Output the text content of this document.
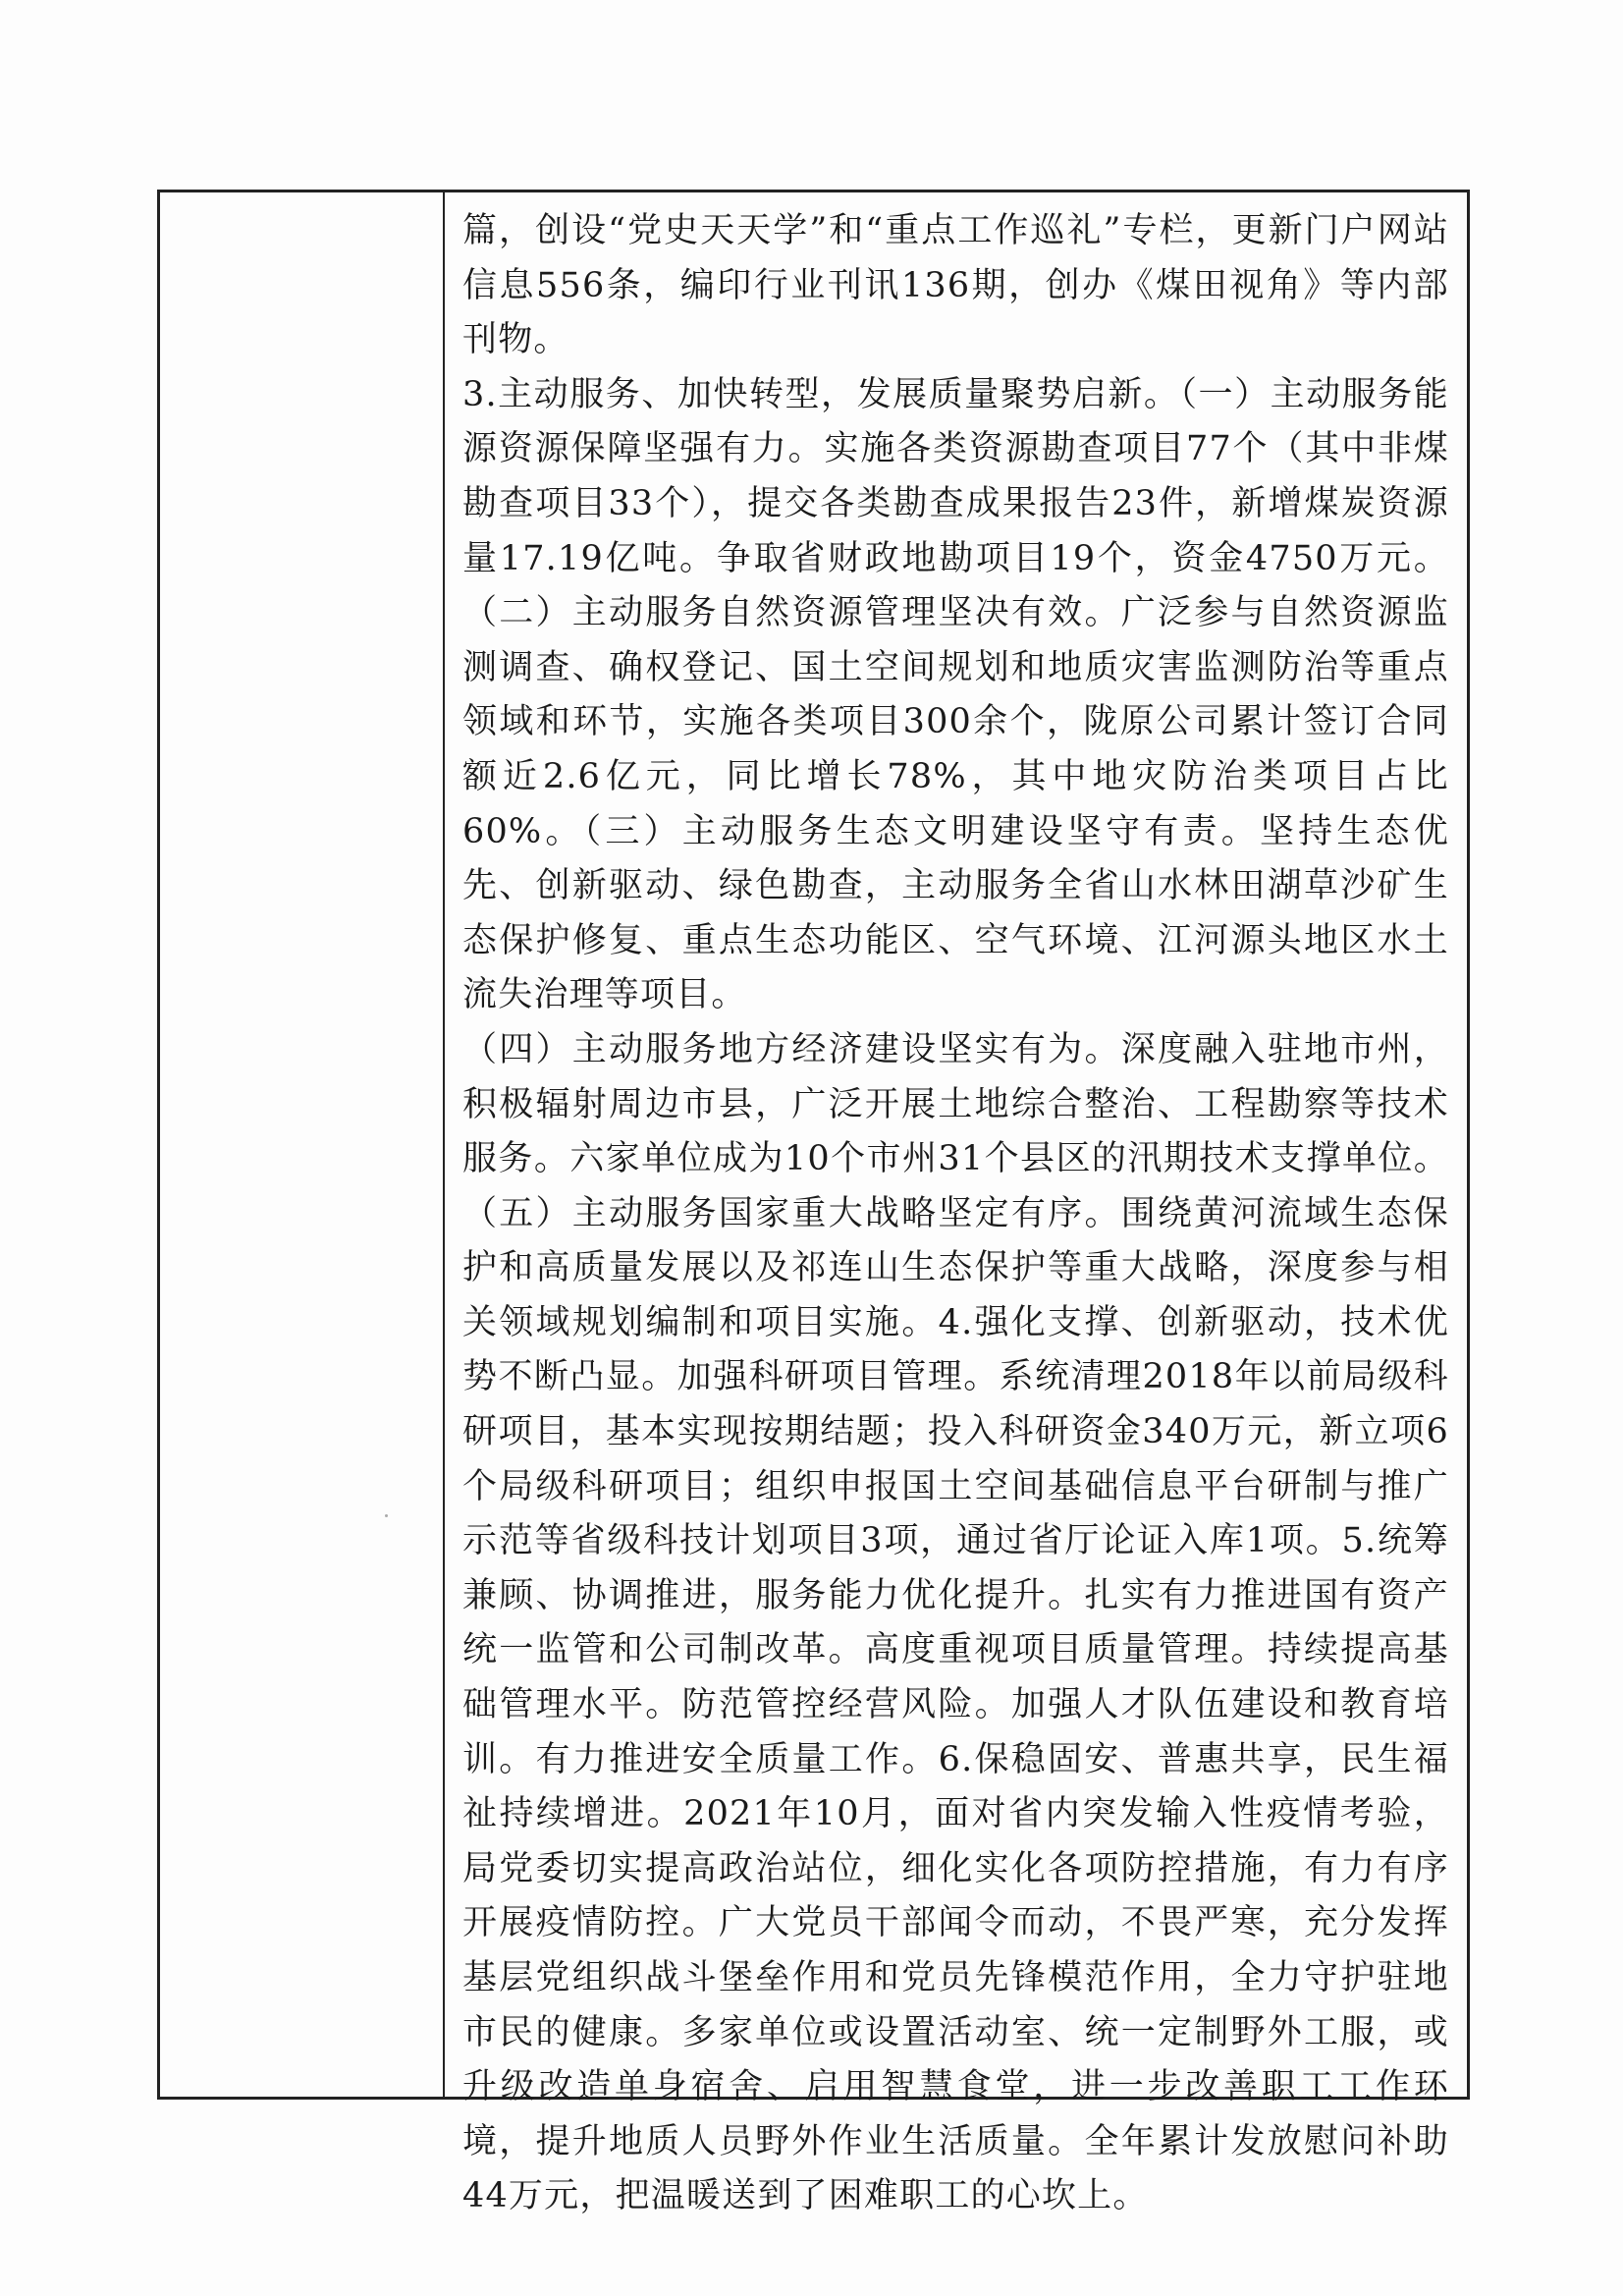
篇，创设“党史天天学”和“重点工作巡礼”专栏，更新门户网站信息556条，编印行业刊讯136期，创办《煤田视角》等内部刊物。

3.主动服务、加快转型，发展质量聚势启新。（一）主动服务能源资源保障坚强有力。实施各类资源勘查项目77个（其中非煤勘查项目33个），提交各类勘查成果报告23件，新增煤炭资源量17.19亿吨。争取省财政地勘项目19个，资金4750万元。（二）主动服务自然资源管理坚决有效。广泛参与自然资源监测调查、确权登记、国土空间规划和地质灾害监测防治等重点领域和环节，实施各类项目300余个，陇原公司累计签订合同额近2.6亿元，同比增长78%，其中地灾防治类项目占比60%。（三）主动服务生态文明建设坚守有责。坚持生态优先、创新驱动、绿色勘查，主动服务全省山水林田湖草沙矿生态保护修复、重点生态功能区、空气环境、江河源头地区水土流失治理等项目。

（四）主动服务地方经济建设坚实有为。深度融入驻地市州，积极辐射周边市县，广泛开展土地综合整治、工程勘察等技术服务。六家单位成为10个市州31个县区的汛期技术支撑单位。（五）主动服务国家重大战略坚定有序。围绕黄河流域生态保护和高质量发展以及祁连山生态保护等重大战略，深度参与相关领域规划编制和项目实施。4.强化支撑、创新驱动，技术优势不断凸显。加强科研项目管理。系统清理2018年以前局级科研项目，基本实现按期结题；投入科研资金340万元，新立项6个局级科研项目；组织申报国土空间基础信息平台研制与推广示范等省级科技计划项目3项，通过省厅论证入库1项。5.统筹兼顾、协调推进，服务能力优化提升。扎实有力推进国有资产统一监管和公司制改革。高度重视项目质量管理。持续提高基础管理水平。防范管控经营风险。加强人才队伍建设和教育培训。有力推进安全质量工作。6.保稳固安、普惠共享，民生福祉持续增进。2021年10月，面对省内突发输入性疫情考验，局党委切实提高政治站位，细化实化各项防控措施，有力有序开展疫情防控。广大党员干部闻令而动，不畏严寒，充分发挥基层党组织战斗堡垒作用和党员先锋模范作用，全力守护驻地市民的健康。多家单位或设置活动室、统一定制野外工服，或升级改造单身宿舍、启用智慧食堂，进一步改善职工工作环境，提升地质人员野外作业生活质量。全年累计发放慰问补助44万元，把温暖送到了困难职工的心坎上。
